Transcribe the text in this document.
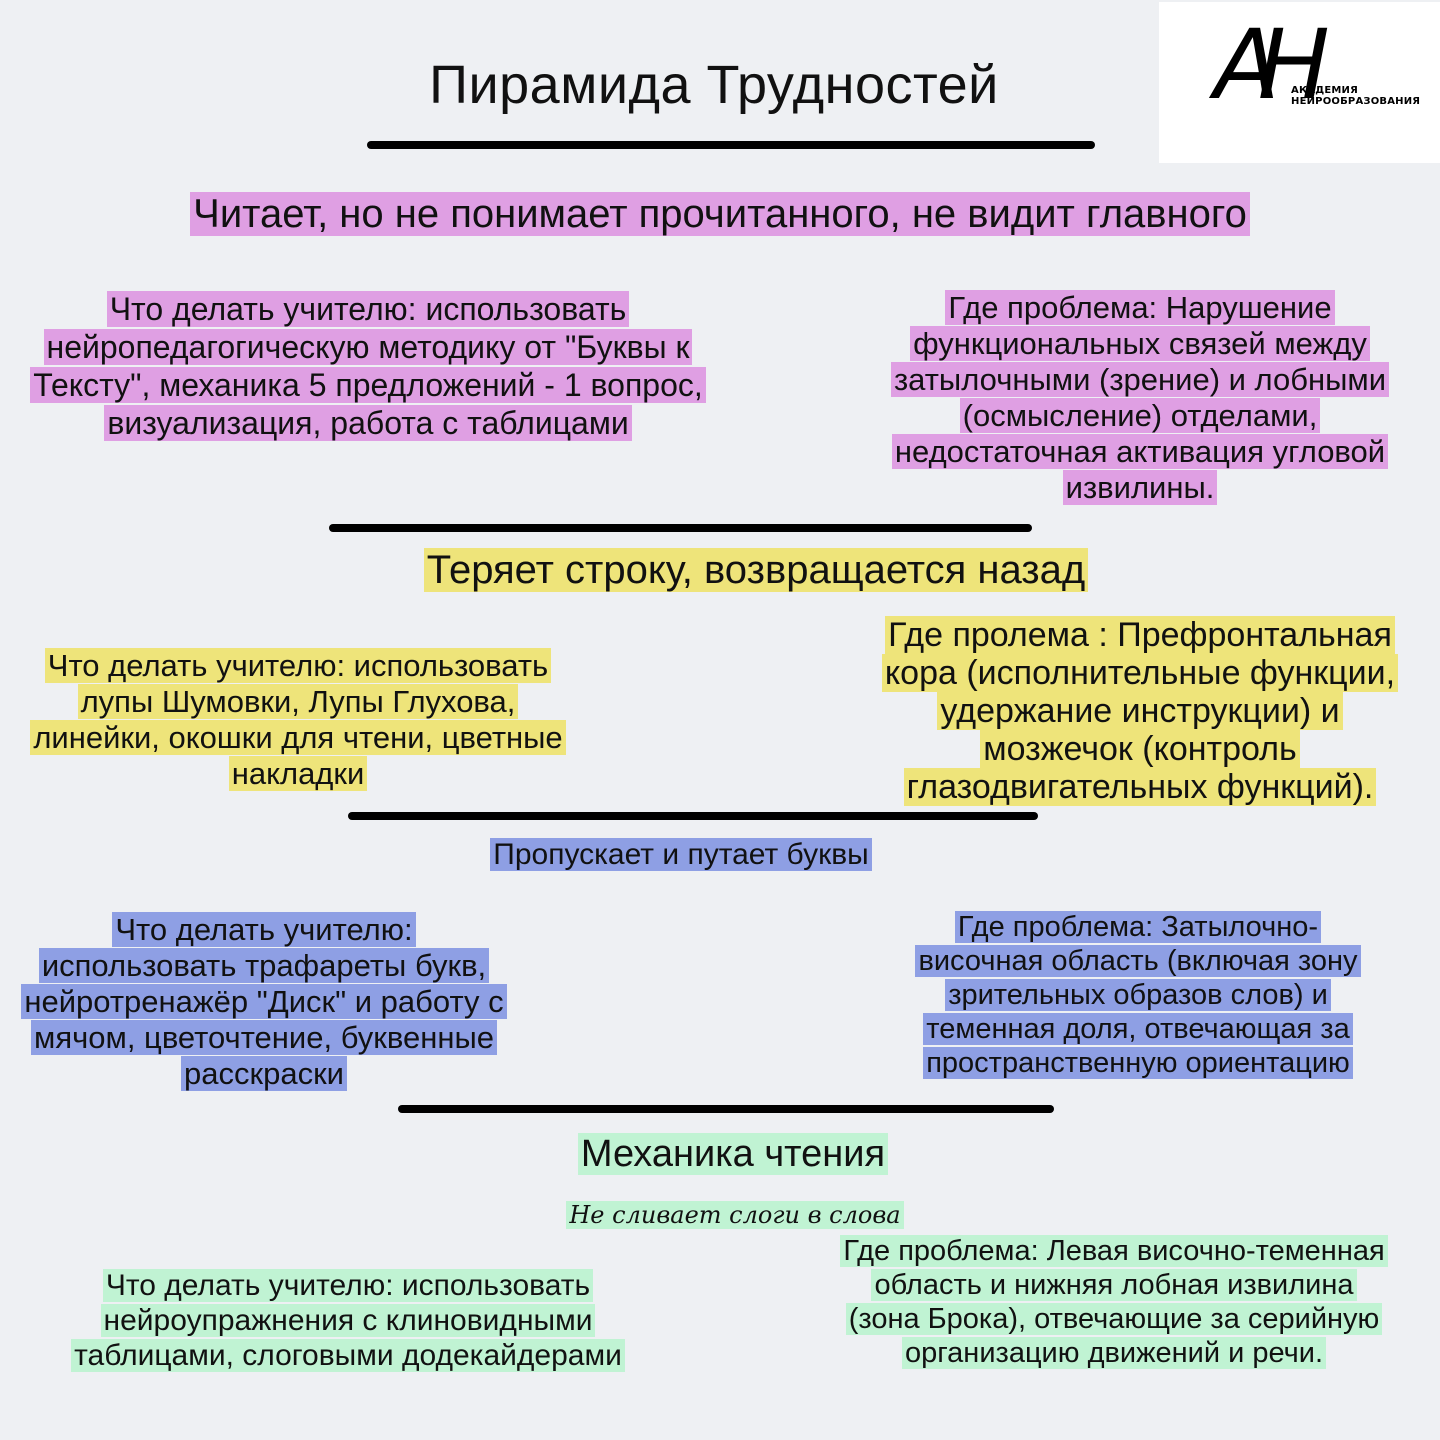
Пирамида Трудностей	AH
АКАДЕМИЯ
НЕЙРООБРАЗОВАНИЯ
Читает, но не понимает прочитанного, не видит главного
Что делать учителю: использовать нейропедагогическую методику от "Буквы к Тексту", механика 5 предложений - 1 вопрос, визуализация, работа с таблицами
Где проблема: Нарушение функциональных связей между затылочными (зрение) и лобными (осмысление) отделами, недостаточная активация угловой извилины.
Теряет строку, возвращается назад
Что делать учителю: использовать лупы Шумовки, Лупы Глухова, линейки, окошки для чтени, цветные накладки
Где пролема : Префронтальная кора (исполнительные функции, удержание инструкции) и мозжечок (контроль глазодвигательных функций).
Пропускает и путает буквы
Что делать учителю: использовать трафареты букв, нейротренажёр "Диск" и работу с мячом, цветочтение, буквенные расскраски
Где проблема: Затылочно-височная область (включая зону зрительных образов слов) и теменная доля, отвечающая за пространственную ориентацию
Механика чтения
Не сливает слоги в слова
Что делать учителю: использовать нейроупражнения с клиновидными таблицами, слоговыми додекайдерами
Где проблема: Левая височно-теменная область и нижняя лобная извилина (зона Брока), отвечающие за серийную организацию движений и речи.
